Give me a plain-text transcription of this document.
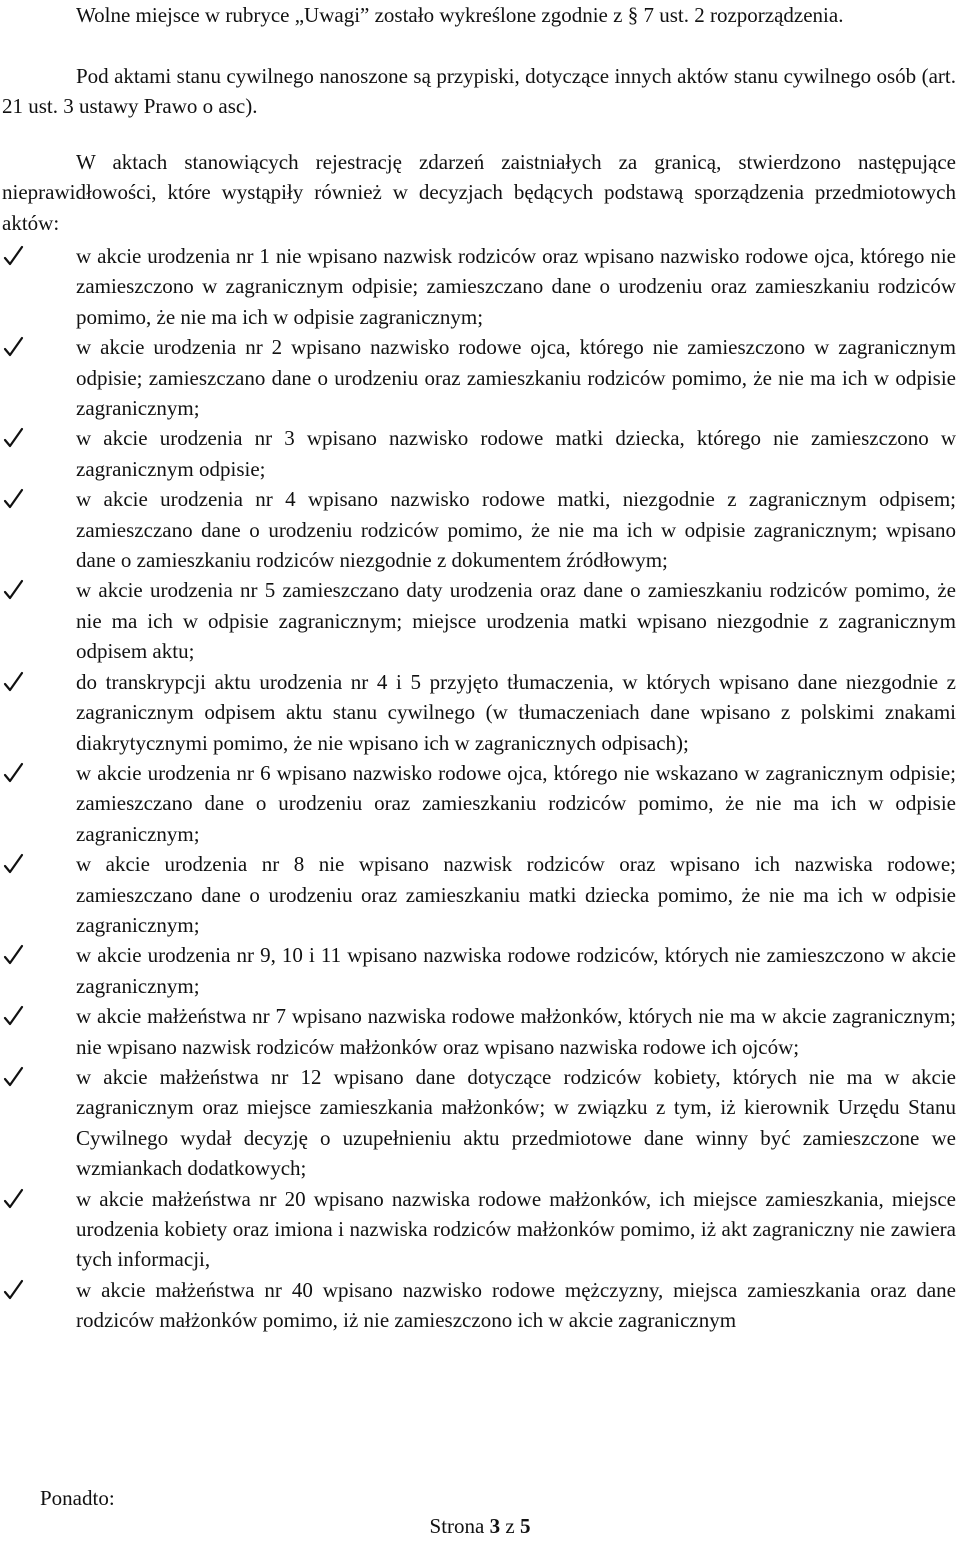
Wolne miejsce w rubryce „Uwagi” zostało wykreślone zgodnie z § 7 ust. 2 rozporządzenia.

Pod aktami stanu cywilnego nanoszone są przypiski, dotyczące innych aktów stanu cywilnego osób (art. 21 ust. 3 ustawy Prawo o asc).

W aktach stanowiących rejestrację zdarzeń zaistniałych za granicą, stwierdzono następujące nieprawidłowości, które wystąpiły również w decyzjach będących podstawą sporządzenia przedmiotowych aktów:

w akcie urodzenia nr 1 nie wpisano nazwisk rodziców oraz wpisano nazwisko rodowe ojca, którego nie zamieszczono w zagranicznym odpisie; zamieszczano dane o urodzeniu oraz zamieszkaniu rodziców pomimo, że nie ma ich w odpisie zagranicznym;
w akcie urodzenia nr 2 wpisano nazwisko rodowe ojca, którego nie zamieszczono w zagranicznym odpisie; zamieszczano dane o urodzeniu oraz zamieszkaniu rodziców pomimo, że nie ma ich w odpisie zagranicznym;
w akcie urodzenia nr 3 wpisano nazwisko rodowe matki dziecka, którego nie zamieszczono w zagranicznym odpisie;
w akcie urodzenia nr 4 wpisano nazwisko rodowe matki, niezgodnie z zagranicznym odpisem; zamieszczano dane o urodzeniu rodziców pomimo, że nie ma ich w odpisie zagranicznym; wpisano dane o zamieszkaniu rodziców niezgodnie z dokumentem źródłowym;
w akcie urodzenia nr 5 zamieszczano daty urodzenia oraz dane o zamieszkaniu rodziców pomimo, że nie ma ich w odpisie zagranicznym; miejsce urodzenia matki wpisano niezgodnie z zagranicznym odpisem aktu;
do transkrypcji aktu urodzenia nr 4 i 5 przyjęto tłumaczenia, w których wpisano dane niezgodnie z zagranicznym odpisem aktu stanu cywilnego (w tłumaczeniach dane wpisano z polskimi znakami diakrytycznymi pomimo, że nie wpisano ich w zagranicznych odpisach);
w akcie urodzenia nr 6 wpisano nazwisko rodowe ojca, którego nie wskazano w zagranicznym odpisie; zamieszczano dane o urodzeniu oraz zamieszkaniu rodziców pomimo, że nie ma ich w odpisie zagranicznym;
w akcie urodzenia nr 8 nie wpisano nazwisk rodziców oraz wpisano ich nazwiska rodowe; zamieszczano dane o urodzeniu oraz zamieszkaniu matki dziecka pomimo, że nie ma ich w odpisie zagranicznym;
w akcie urodzenia nr 9, 10 i 11 wpisano nazwiska rodowe rodziców, których nie zamieszczono w akcie zagranicznym;
w akcie małżeństwa nr 7 wpisano nazwiska rodowe małżonków, których nie ma w akcie zagranicznym; nie wpisano nazwisk rodziców małżonków oraz wpisano nazwiska rodowe ich ojców;
w akcie małżeństwa nr 12 wpisano dane dotyczące rodziców kobiety, których nie ma w akcie zagranicznym oraz miejsce zamieszkania małżonków; w związku z tym, iż kierownik Urzędu Stanu Cywilnego wydał decyzję o uzupełnieniu aktu przedmiotowe dane winny być zamieszczone we wzmiankach dodatkowych;
w akcie małżeństwa nr 20 wpisano nazwiska rodowe małżonków, ich miejsce zamieszkania, miejsce urodzenia kobiety oraz imiona i nazwiska rodziców małżonków pomimo, iż akt zagraniczny nie zawiera tych informacji,
w akcie małżeństwa nr 40 wpisano nazwisko rodowe mężczyzny, miejsca zamieszkania oraz dane rodziców małżonków pomimo, iż nie zamieszczono ich w akcie zagranicznym
Ponadto:
Strona 3 z 5
